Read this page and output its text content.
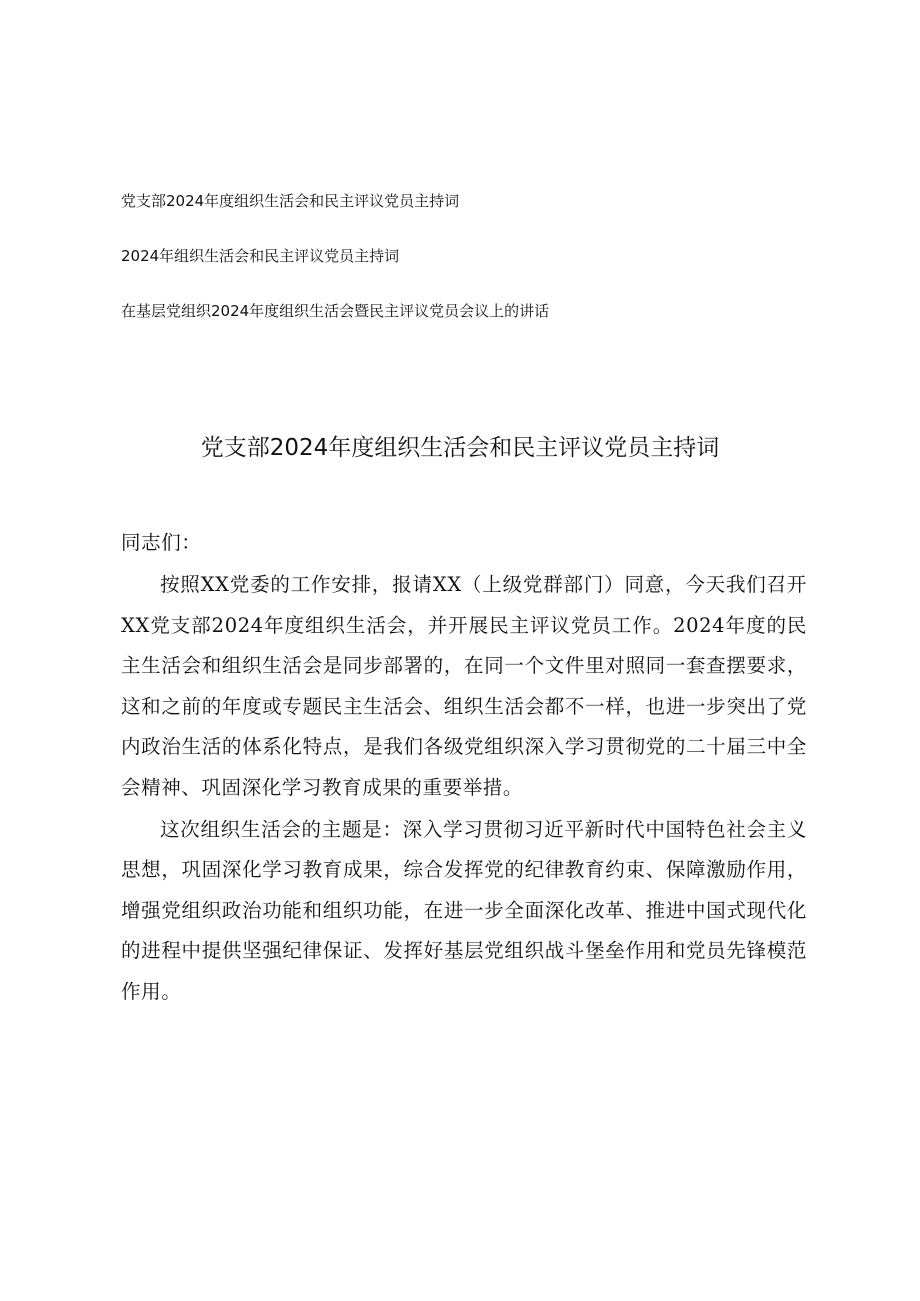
党支部2024年度组织生活会和民主评议党员主持词
2024年组织生活会和民主评议党员主持词
在基层党组织2024年度组织生活会暨民主评议党员会议上的讲话
党支部2024年度组织生活会和民主评议党员主持词

同志们：

按照XX党委的工作安排，报请XX（上级党群部门）同意，今天我们召开XX党支部2024年度组织生活会，并开展民主评议党员工作。2024年度的民主生活会和组织生活会是同步部署的，在同一个文件里对照同一套查摆要求，这和之前的年度或专题民主生活会、组织生活会都不一样，也进一步突出了党内政治生活的体系化特点，是我们各级党组织深入学习贯彻党的二十届三中全会精神、巩固深化学习教育成果的重要举措。

这次组织生活会的主题是：深入学习贯彻习近平新时代中国特色社会主义思想，巩固深化学习教育成果，综合发挥党的纪律教育约束、保障激励作用，增强党组织政治功能和组织功能，在进一步全面深化改革、推进中国式现代化的进程中提供坚强纪律保证、发挥好基层党组织战斗堡垒作用和党员先锋模范作用。
